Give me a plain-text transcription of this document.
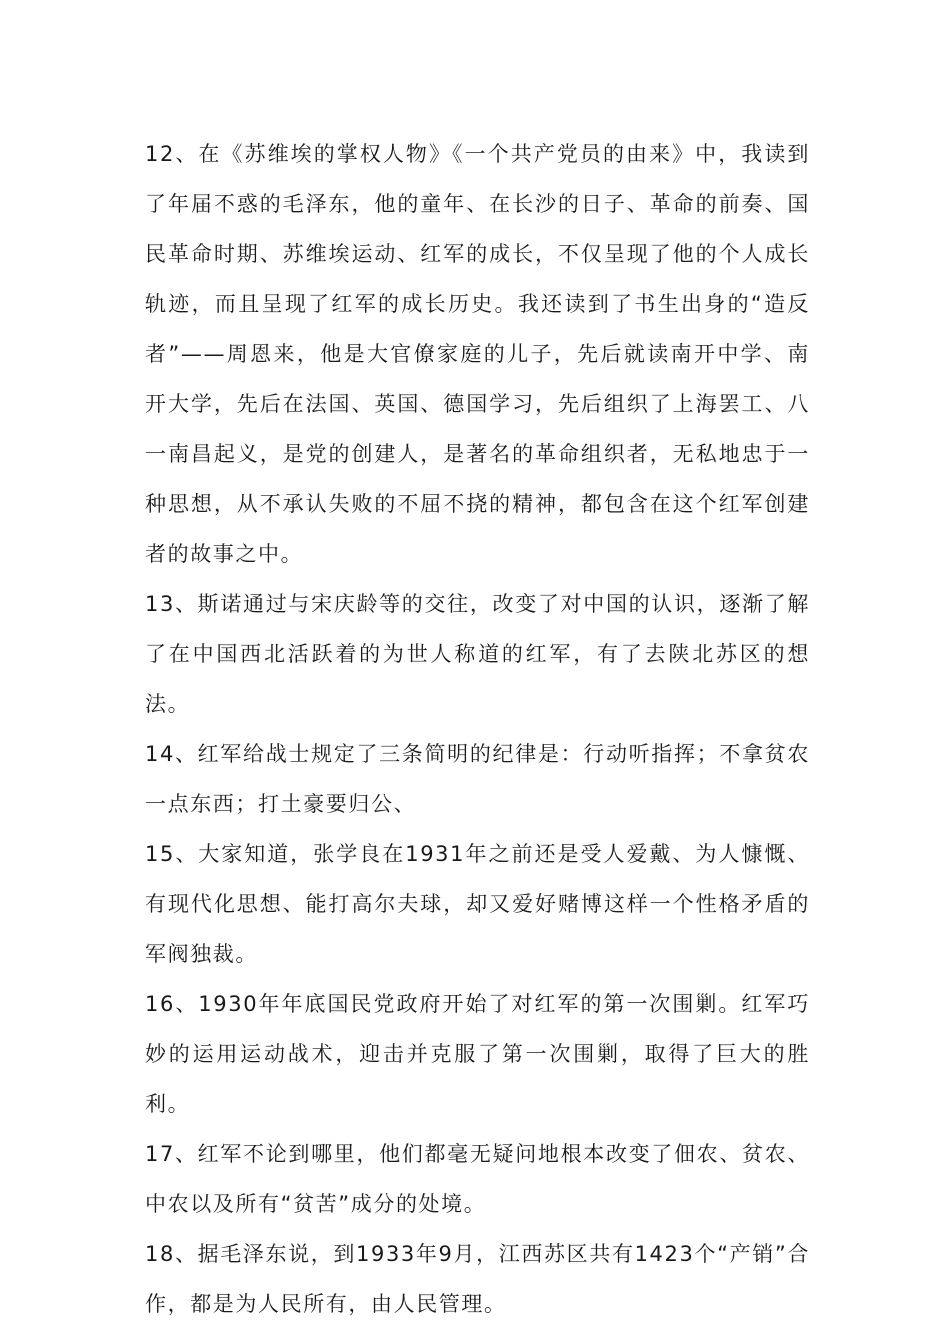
12、在《苏维埃的掌权人物》《一个共产党员的由来》中，我读到了年届不惑的毛泽东，他的童年、在长沙的日子、革命的前奏、国民革命时期、苏维埃运动、红军的成长，不仅呈现了他的个人成长轨迹，而且呈现了红军的成长历史。我还读到了书生出身的“造反者”——周恩来，他是大官僚家庭的儿子，先后就读南开中学、南开大学，先后在法国、英国、德国学习，先后组织了上海罢工、八一南昌起义，是党的创建人，是著名的革命组织者，无私地忠于一种思想，从不承认失败的不屈不挠的精神，都包含在这个红军创建者的故事之中。

13、斯诺通过与宋庆龄等的交往，改变了对中国的认识，逐渐了解了在中国西北活跃着的为世人称道的红军，有了去陕北苏区的想法。

14、红军给战士规定了三条简明的纪律是：行动听指挥；不拿贫农一点东西；打土豪要归公、

15、大家知道，张学良在1931年之前还是受人爱戴、为人慷慨、有现代化思想、能打高尔夫球，却又爱好赌博这样一个性格矛盾的军阀独裁。

16、1930年年底国民党政府开始了对红军的第一次围剿。红军巧妙的运用运动战术，迎击并克服了第一次围剿，取得了巨大的胜利。

17、红军不论到哪里，他们都毫无疑问地根本改变了佃农、贫农、中农以及所有“贫苦”成分的处境。

18、据毛泽东说，到1933年9月，江西苏区共有1423个“产销”合作，都是为人民所有，由人民管理。
